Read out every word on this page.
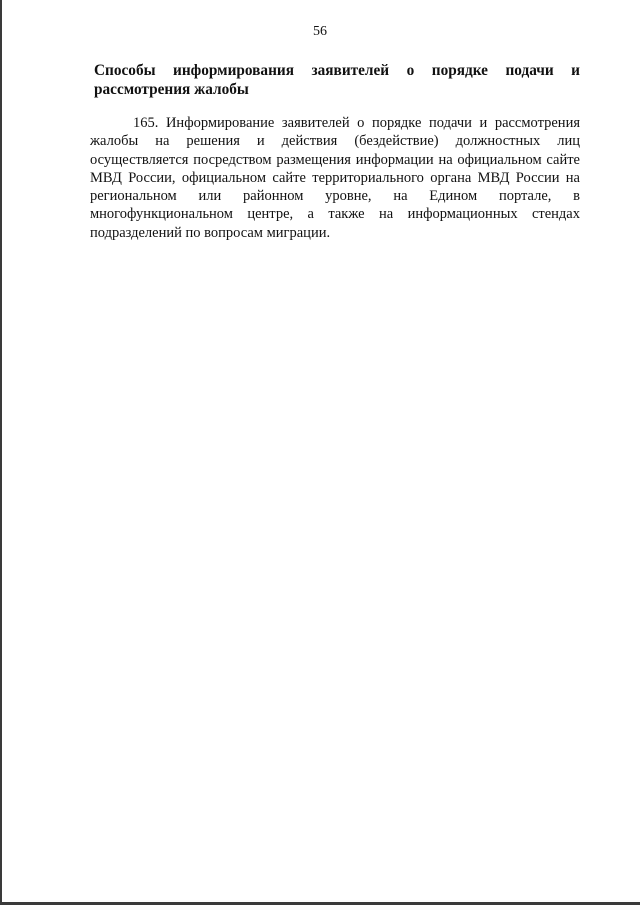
56
Способы информирования заявителей о порядке подачи и рассмотрения жалобы

165. Информирование заявителей о порядке подачи и рассмотрения жалобы на решения и действия (бездействие) должностных лиц осуществляется посредством размещения информации на официальном сайте МВД России, официальном сайте территориального органа МВД России на региональном или районном уровне, на Едином портале, в многофункциональном центре, а также на информационных стендах подразделений по вопросам миграции.
